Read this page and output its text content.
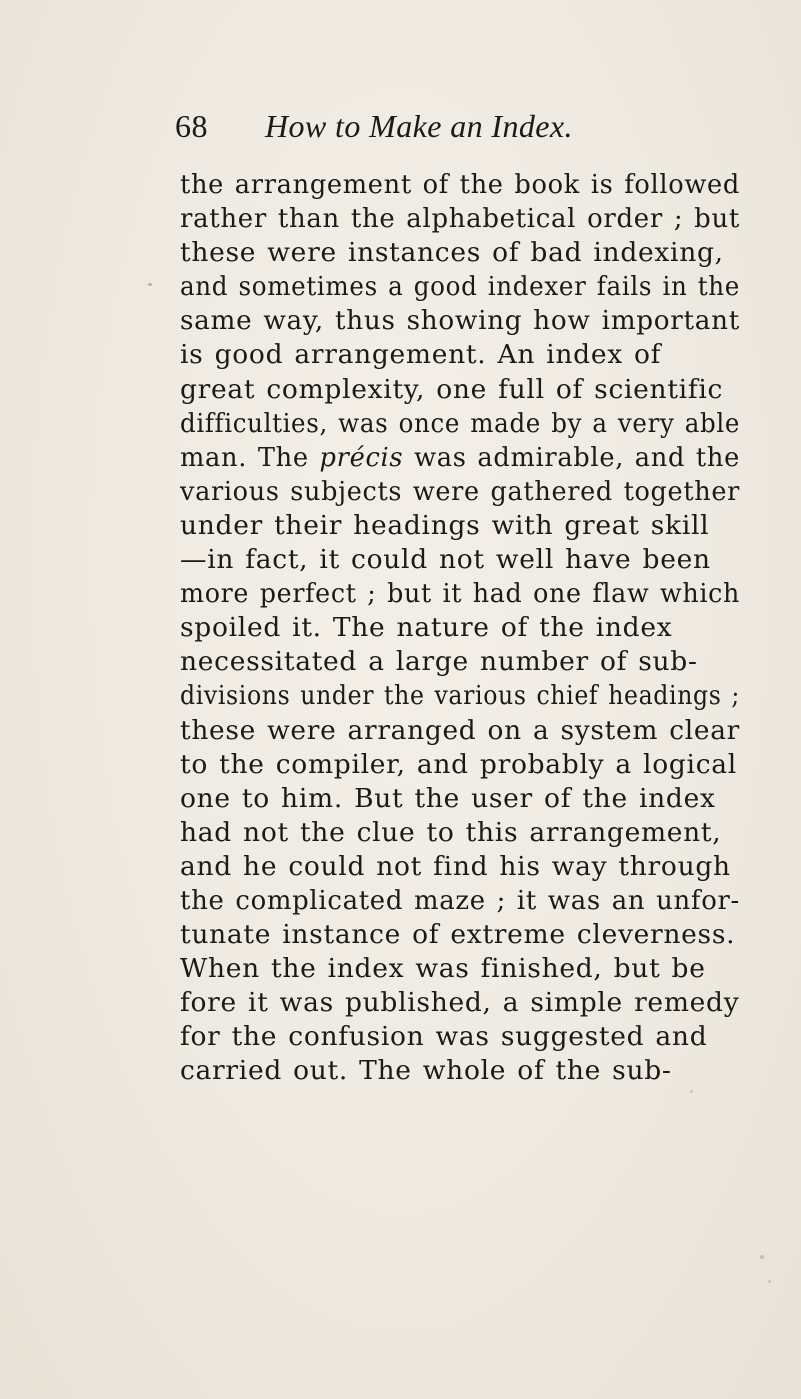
68 How to Make an Index.
the arrangement of the book is followed
rather than the alphabetical order ; but
these were instances of bad indexing,
and sometimes a good indexer fails in the
same way, thus showing how important
is good arrangement. An index of
great complexity, one full of scientific
difficulties, was once made by a very able
man. The précis was admirable, and the
various subjects were gathered together
under their headings with great skill
—in fact, it could not well have been
more perfect ; but it had one flaw which
spoiled it. The nature of the index
necessitated a large number of sub-
divisions under the various chief headings ;
these were arranged on a system clear
to the compiler, and probably a logical
one to him. But the user of the index
had not the clue to this arrangement,
and he could not find his way through
the complicated maze ; it was an unfor-
tunate instance of extreme cleverness.
When the index was finished, but be
fore it was published, a simple remedy
for the confusion was suggested and
carried out. The whole of the sub-
